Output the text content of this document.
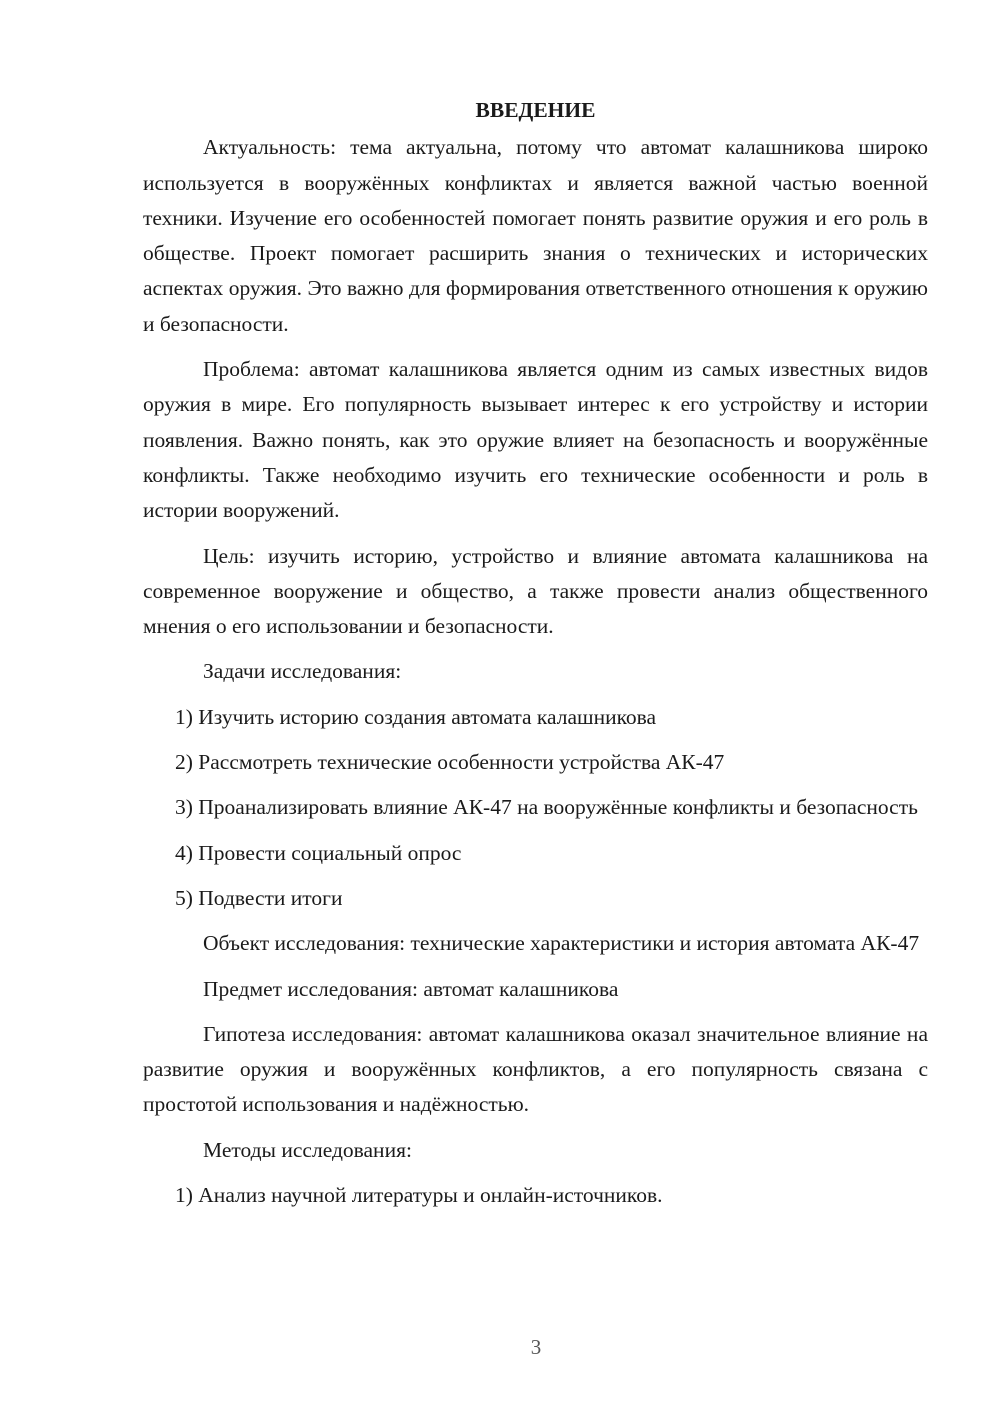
ВВЕДЕНИЕ

Актуальность: тема актуальна, потому что автомат калашникова широко используется в вооружённых конфликтах и является важной частью военной техники. Изучение его особенностей помогает понять развитие оружия и его роль в обществе. Проект помогает расширить знания о технических и исторических аспектах оружия. Это важно для формирования ответственного отношения к оружию и безопасности.

Проблема: автомат калашникова является одним из самых известных видов оружия в мире. Его популярность вызывает интерес к его устройству и истории появления. Важно понять, как это оружие влияет на безопасность и вооружённые конфликты. Также необходимо изучить его технические особенности и роль в истории вооружений.

Цель: изучить историю, устройство и влияние автомата калашникова на современное вооружение и общество, а также провести анализ общественного мнения о его использовании и безопасности.

Задачи исследования:

1) Изучить историю создания автомата калашникова

2) Рассмотреть технические особенности устройства АК-47

3) Проанализировать влияние АК-47 на вооружённые конфликты и безопасность

4) Провести социальный опрос

5) Подвести итоги

Объект исследования: технические характеристики и история автомата АК-47

Предмет исследования: автомат калашникова

Гипотеза исследования: автомат калашникова оказал значительное влияние на развитие оружия и вооружённых конфликтов, а его популярность связана с простотой использования и надёжностью.

Методы исследования:

1) Анализ научной литературы и онлайн-источников.

3
